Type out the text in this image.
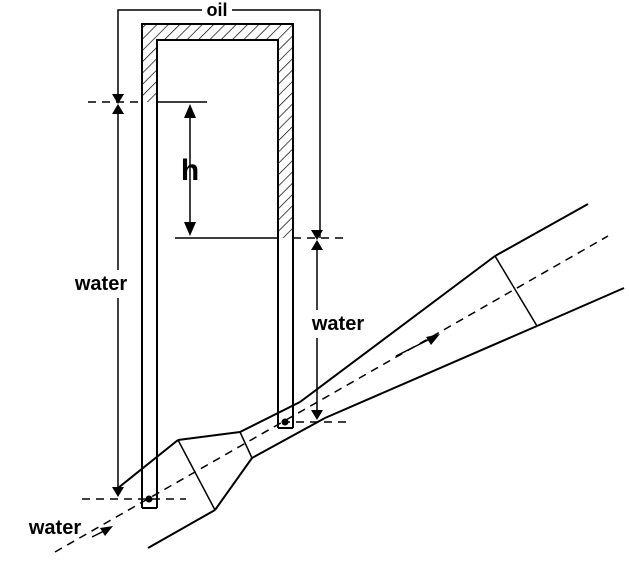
oil
h
water
water
water
